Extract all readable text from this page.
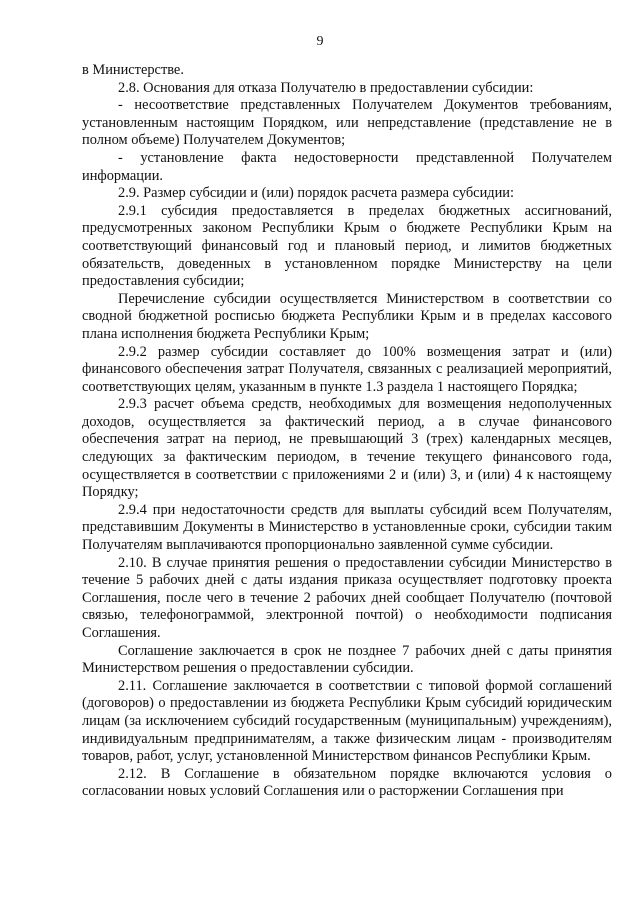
9

в Министерстве.

2.8. Основания для отказа Получателю в предоставлении субсидии:

- несоответствие представленных Получателем Документов требованиям, установленным настоящим Порядком, или непредставление (представление не в полном объеме) Получателем Документов;

- установление факта недостоверности представленной Получателем информации.

2.9. Размер субсидии и (или) порядок расчета размера субсидии:

2.9.1 субсидия предоставляется в пределах бюджетных ассигнований, предусмотренных законом Республики Крым о бюджете Республики Крым на соответствующий финансовый год и плановый период, и лимитов бюджетных обязательств, доведенных в установленном порядке Министерству на цели предоставления субсидии;

Перечисление субсидии осуществляется Министерством в соответствии со сводной бюджетной росписью бюджета Республики Крым и в пределах кассового плана исполнения бюджета Республики Крым;

2.9.2 размер субсидии составляет до 100% возмещения затрат и (или) финансового обеспечения затрат Получателя, связанных с реализацией мероприятий, соответствующих целям, указанным в пункте 1.3 раздела 1 настоящего Порядка;

2.9.3 расчет объема средств, необходимых для возмещения недополученных доходов, осуществляется за фактический период, а в случае финансового обеспечения затрат на период, не превышающий 3 (трех) календарных месяцев, следующих за фактическим периодом, в течение текущего финансового года, осуществляется в соответствии с приложениями 2 и (или) 3, и (или) 4 к настоящему Порядку;

2.9.4 при недостаточности средств для выплаты субсидий всем Получателям, представившим Документы в Министерство в установленные сроки, субсидии таким Получателям выплачиваются пропорционально заявленной сумме субсидии.

2.10. В случае принятия решения о предоставлении субсидии Министерство в течение 5 рабочих дней с даты издания приказа осуществляет подготовку проекта Соглашения, после чего в течение 2 рабочих дней сообщает Получателю (почтовой связью, телефонограммой, электронной почтой) о необходимости подписания Соглашения.

Соглашение заключается в срок не позднее 7 рабочих дней с даты принятия Министерством решения о предоставлении субсидии.

2.11. Соглашение заключается в соответствии с типовой формой соглашений (договоров) о предоставлении из бюджета Республики Крым субсидий юридическим лицам (за исключением субсидий государственным (муниципальным) учреждениям), индивидуальным предпринимателям, а также физическим лицам - производителям товаров, работ, услуг, установленной Министерством финансов Республики Крым.

2.12. В Соглашение в обязательном порядке включаются условия о согласовании новых условий Соглашения или о расторжении Соглашения при
